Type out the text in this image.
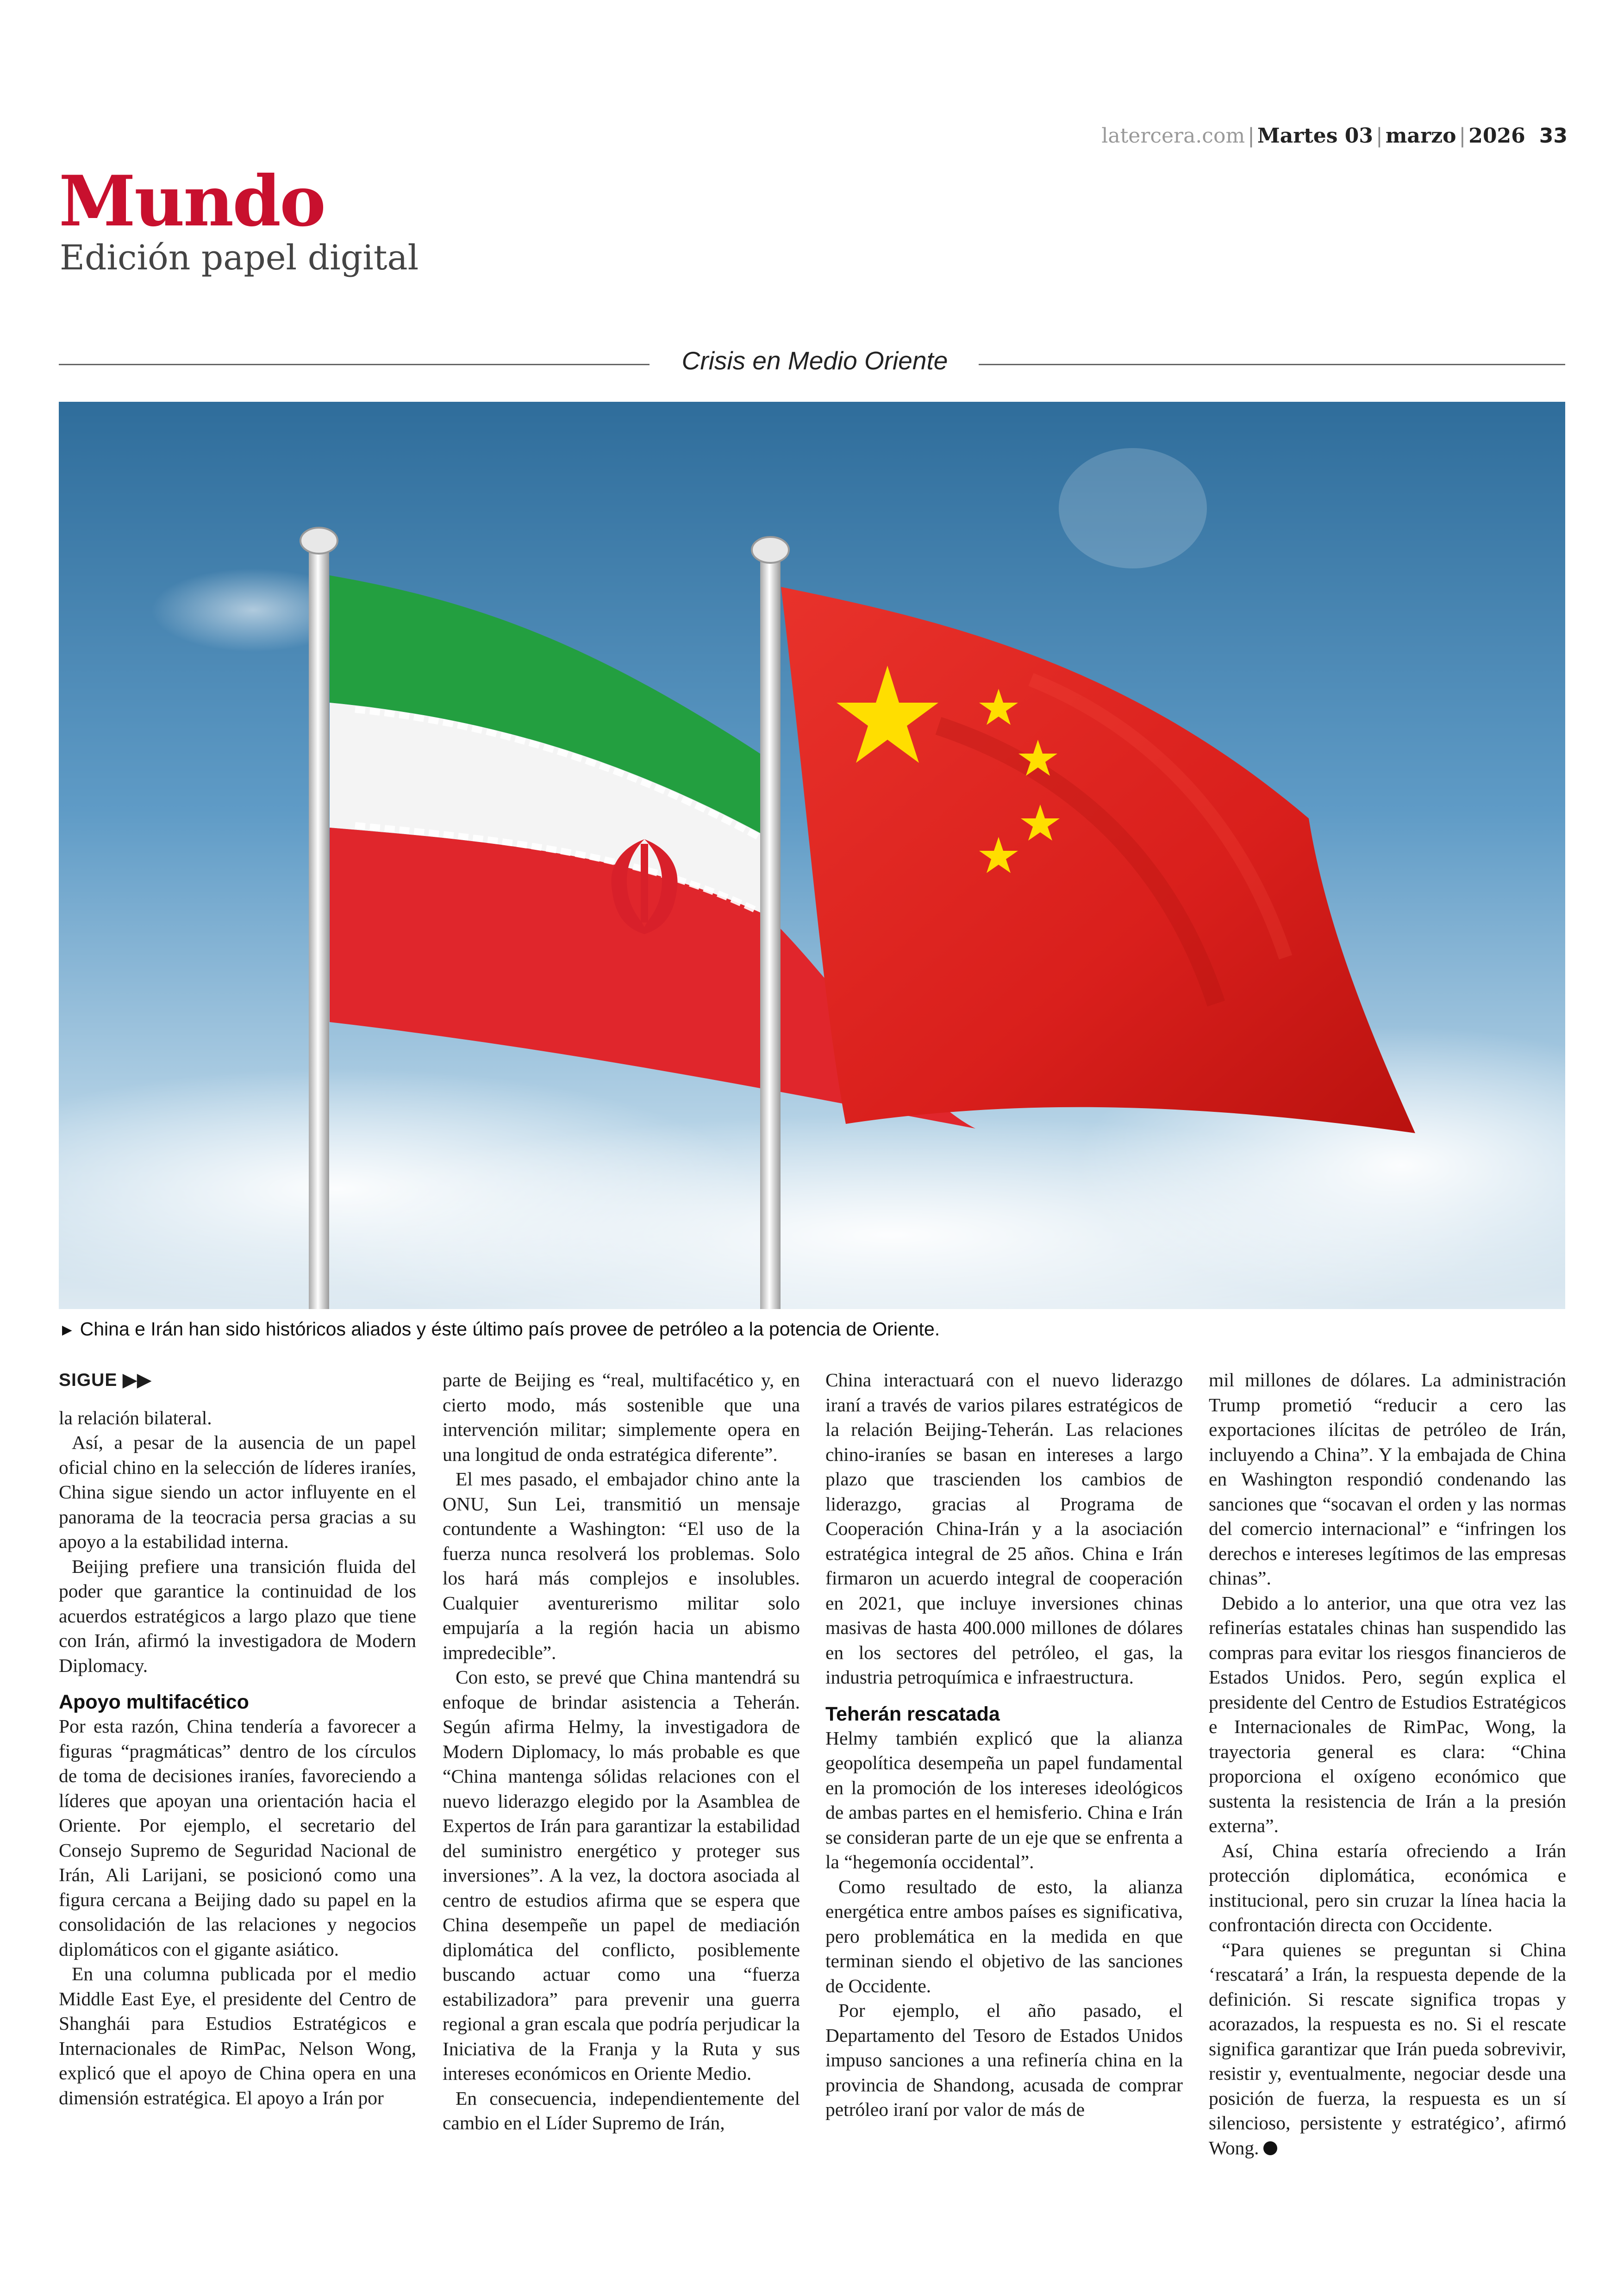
latercera.com | Martes 03 | marzo | 2026 33
Mundo
Edición papel digital
Crisis en Medio Oriente
► China e Irán han sido históricos aliados y éste último país provee de petróleo a la potencia de Oriente.
SIGUE ▶▶

la relación bilateral.

Así, a pesar de la ausencia de un papel oficial chino en la selección de líderes iraníes, China sigue siendo un actor influyente en el panorama de la teocracia persa gracias a su apoyo a la estabilidad interna.

Beijing prefiere una transición fluida del poder que garantice la continuidad de los acuerdos estratégicos a largo plazo que tiene con Irán, afirmó la investigadora de Modern Diplomacy.

Apoyo multifacético

Por esta razón, China tendería a favorecer a figuras “pragmáticas” dentro de los círculos de toma de decisiones iraníes, favoreciendo a líderes que apoyan una orientación hacia el Oriente. Por ejemplo, el secretario del Consejo Supremo de Seguridad Nacional de Irán, Ali Larijani, se posicionó como una figura cercana a Beijing dado su papel en la consolidación de las relaciones y negocios diplomáticos con el gigante asiático.

En una columna publicada por el medio Middle East Eye, el presidente del Centro de Shanghái para Estudios Estratégicos e Internacionales de RimPac, Nelson Wong, explicó que el apoyo de China opera en una dimensión estratégica. El apoyo a Irán por

parte de Beijing es “real, multifacético y, en cierto modo, más sostenible que una intervención militar; simplemente opera en una longitud de onda estratégica diferente”.

El mes pasado, el embajador chino ante la ONU, Sun Lei, transmitió un mensaje contundente a Washington: “El uso de la fuerza nunca resolverá los problemas. Solo los hará más complejos e insolubles. Cualquier aventurerismo militar solo empujaría a la región hacia un abismo impredecible”.

Con esto, se prevé que China mantendrá su enfoque de brindar asistencia a Teherán. Según afirma Helmy, la investigadora de Modern Diplomacy, lo más probable es que “China mantenga sólidas relaciones con el nuevo liderazgo elegido por la Asamblea de Expertos de Irán para garantizar la estabilidad del suministro energético y proteger sus inversiones”. A la vez, la doctora asociada al centro de estudios afirma que se espera que China desempeñe un papel de mediación diplomática del conflicto, posiblemente buscando actuar como una “fuerza estabilizadora” para prevenir una guerra regional a gran escala que podría perjudicar la Iniciativa de la Franja y la Ruta y sus intereses económicos en Oriente Medio.

En consecuencia, independientemente del cambio en el Líder Supremo de Irán,

China interactuará con el nuevo liderazgo iraní a través de varios pilares estratégicos de la relación Beijing-Teherán. Las relaciones chino-iraníes se basan en intereses a largo plazo que trascienden los cambios de liderazgo, gracias al Programa de Cooperación China-Irán y a la asociación estratégica integral de 25 años. China e Irán firmaron un acuerdo integral de cooperación en 2021, que incluye inversiones chinas masivas de hasta 400.000 millones de dólares en los sectores del petróleo, el gas, la industria petroquímica e infraestructura.

Teherán rescatada

Helmy también explicó que la alianza geopolítica desempeña un papel fundamental en la promoción de los intereses ideológicos de ambas partes en el hemisferio. China e Irán se consideran parte de un eje que se enfrenta a la “hegemonía occidental”.

Como resultado de esto, la alianza energética entre ambos países es significativa, pero problemática en la medida en que terminan siendo el objetivo de las sanciones de Occidente.

Por ejemplo, el año pasado, el Departamento del Tesoro de Estados Unidos impuso sanciones a una refinería china en la provincia de Shandong, acusada de comprar petróleo iraní por valor de más de

mil millones de dólares. La administración Trump prometió “reducir a cero las exportaciones ilícitas de petróleo de Irán, incluyendo a China”. Y la embajada de China en Washington respondió condenando las sanciones que “socavan el orden y las normas del comercio internacional” e “infringen los derechos e intereses legítimos de las empresas chinas”.

Debido a lo anterior, una que otra vez las refinerías estatales chinas han suspendido las compras para evitar los riesgos financieros de Estados Unidos. Pero, según explica el presidente del Centro de Estudios Estratégicos e Internacionales de RimPac, Wong, la trayectoria general es clara: “China proporciona el oxígeno económico que sustenta la resistencia de Irán a la presión externa”.

Así, China estaría ofreciendo a Irán protección diplomática, económica e institucional, pero sin cruzar la línea hacia la confrontación directa con Occidente.

“Para quienes se preguntan si China ‘rescatará’ a Irán, la respuesta depende de la definición. Si rescate significa tropas y acorazados, la respuesta es no. Si el rescate significa garantizar que Irán pueda sobrevivir, resistir y, eventualmente, negociar desde una posición de fuerza, la respuesta es un sí silencioso, persistente y estratégico’, afirmó Wong.
